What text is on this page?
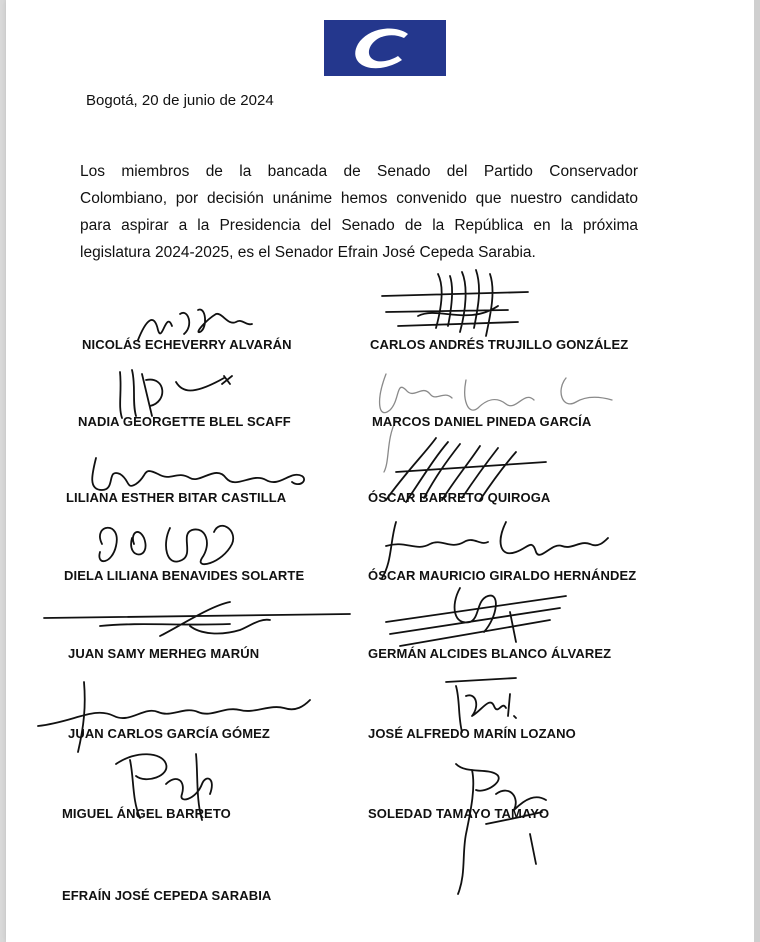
Bogotá, 20 de junio de 2024
Los miembros de la bancada de Senado del Partido Conservador
Colombiano, por decisión unánime hemos convenido que nuestro candidato
para aspirar a la Presidencia del Senado de la República en la próxima
legislatura 2024-2025, es el Senador Efrain José Cepeda Sarabia.
NICOLÁS ECHEVERRY ALVARÁN	CARLOS ANDRÉS TRUJILLO GONZÁLEZ
NADIA GEORGETTE BLEL SCAFF	MARCOS DANIEL PINEDA GARCÍA
LILIANA ESTHER BITAR CASTILLA	ÓSCAR BARRETO QUIROGA
DIELA LILIANA BENAVIDES SOLARTE	ÓSCAR MAURICIO GIRALDO HERNÁNDEZ
JUAN SAMY MERHEG MARÚN	GERMÁN ALCIDES BLANCO ÁLVAREZ
JUAN CARLOS GARCÍA GÓMEZ	JOSÉ ALFREDO MARÍN LOZANO
MIGUEL ÁNGEL BARRETO	SOLEDAD TAMAYO TAMAYO
EFRAÍN JOSÉ CEPEDA SARABIA
